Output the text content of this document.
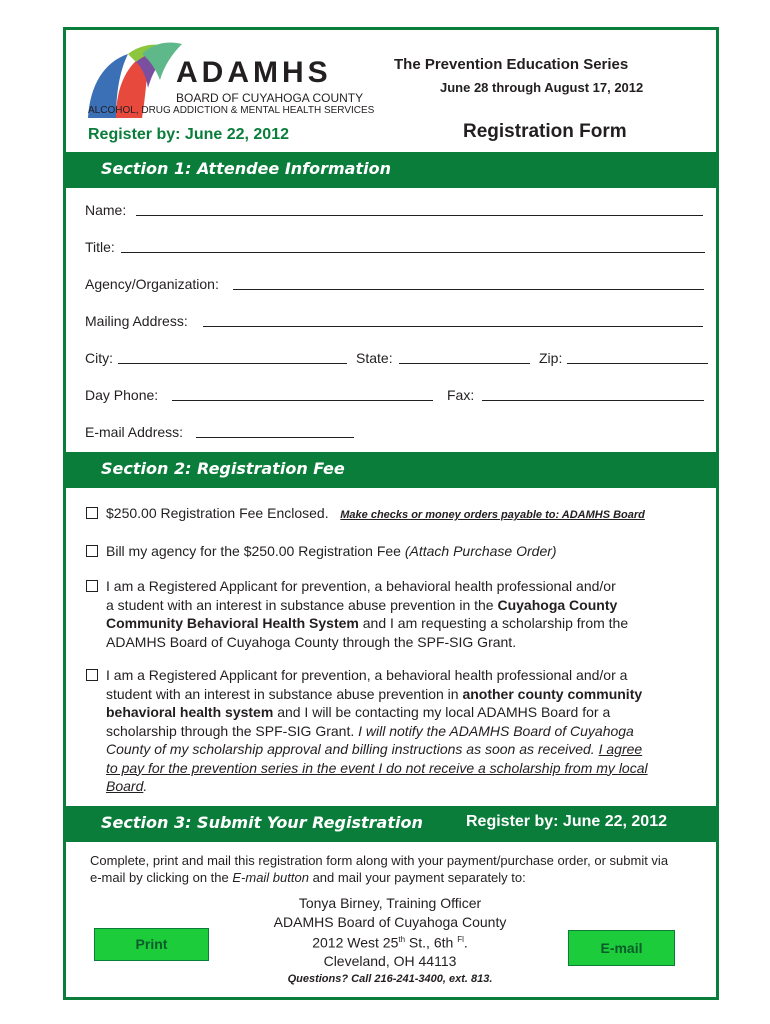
ADAMHS
BOARD OF CUYAHOGA COUNTY
ALCOHOL, DRUG ADDICTION & MENTAL HEALTH SERVICES
The Prevention Education Series
June 28 through August 17, 2012
Register by: June 22, 2012	Registration Form
Section 1: Attendee Information
Name:
Title:
Agency/Organization:
Mailing Address:
City:	State:	Zip:
Day Phone:	Fax:
E-mail Address:
Section 2: Registration Fee
$250.00 Registration Fee Enclosed. Make checks or money orders payable to: ADAMHS Board
Bill my agency for the $250.00 Registration Fee (Attach Purchase Order)
I am a Registered Applicant for prevention, a behavioral health professional and/or
a student with an interest in substance abuse prevention in the Cuyahoga County
Community Behavioral Health System and I am requesting a scholarship from the
ADAMHS Board of Cuyahoga County through the SPF-SIG Grant.
I am a Registered Applicant for prevention, a behavioral health professional and/or a
student with an interest in substance abuse prevention in another county community
behavioral health system and I will be contacting my local ADAMHS Board for a
scholarship through the SPF-SIG Grant. I will notify the ADAMHS Board of Cuyahoga
County of my scholarship approval and billing instructions as soon as received. I agree
to pay for the prevention series in the event I do not receive a scholarship from my local
Board.
Section 3: Submit Your Registration	Register by: June 22, 2012
Complete, print and mail this registration form along with your payment/purchase order, or submit via
e-mail by clicking on the E-mail button and mail your payment separately to:
Tonya Birney, Training Officer
ADAMHS Board of Cuyahoga County
2012 West 25th St., 6th $^{Fl}$.
Cleveland, OH 44113
Print	E-mail
Questions? Call 216-241-3400, ext. 813.
